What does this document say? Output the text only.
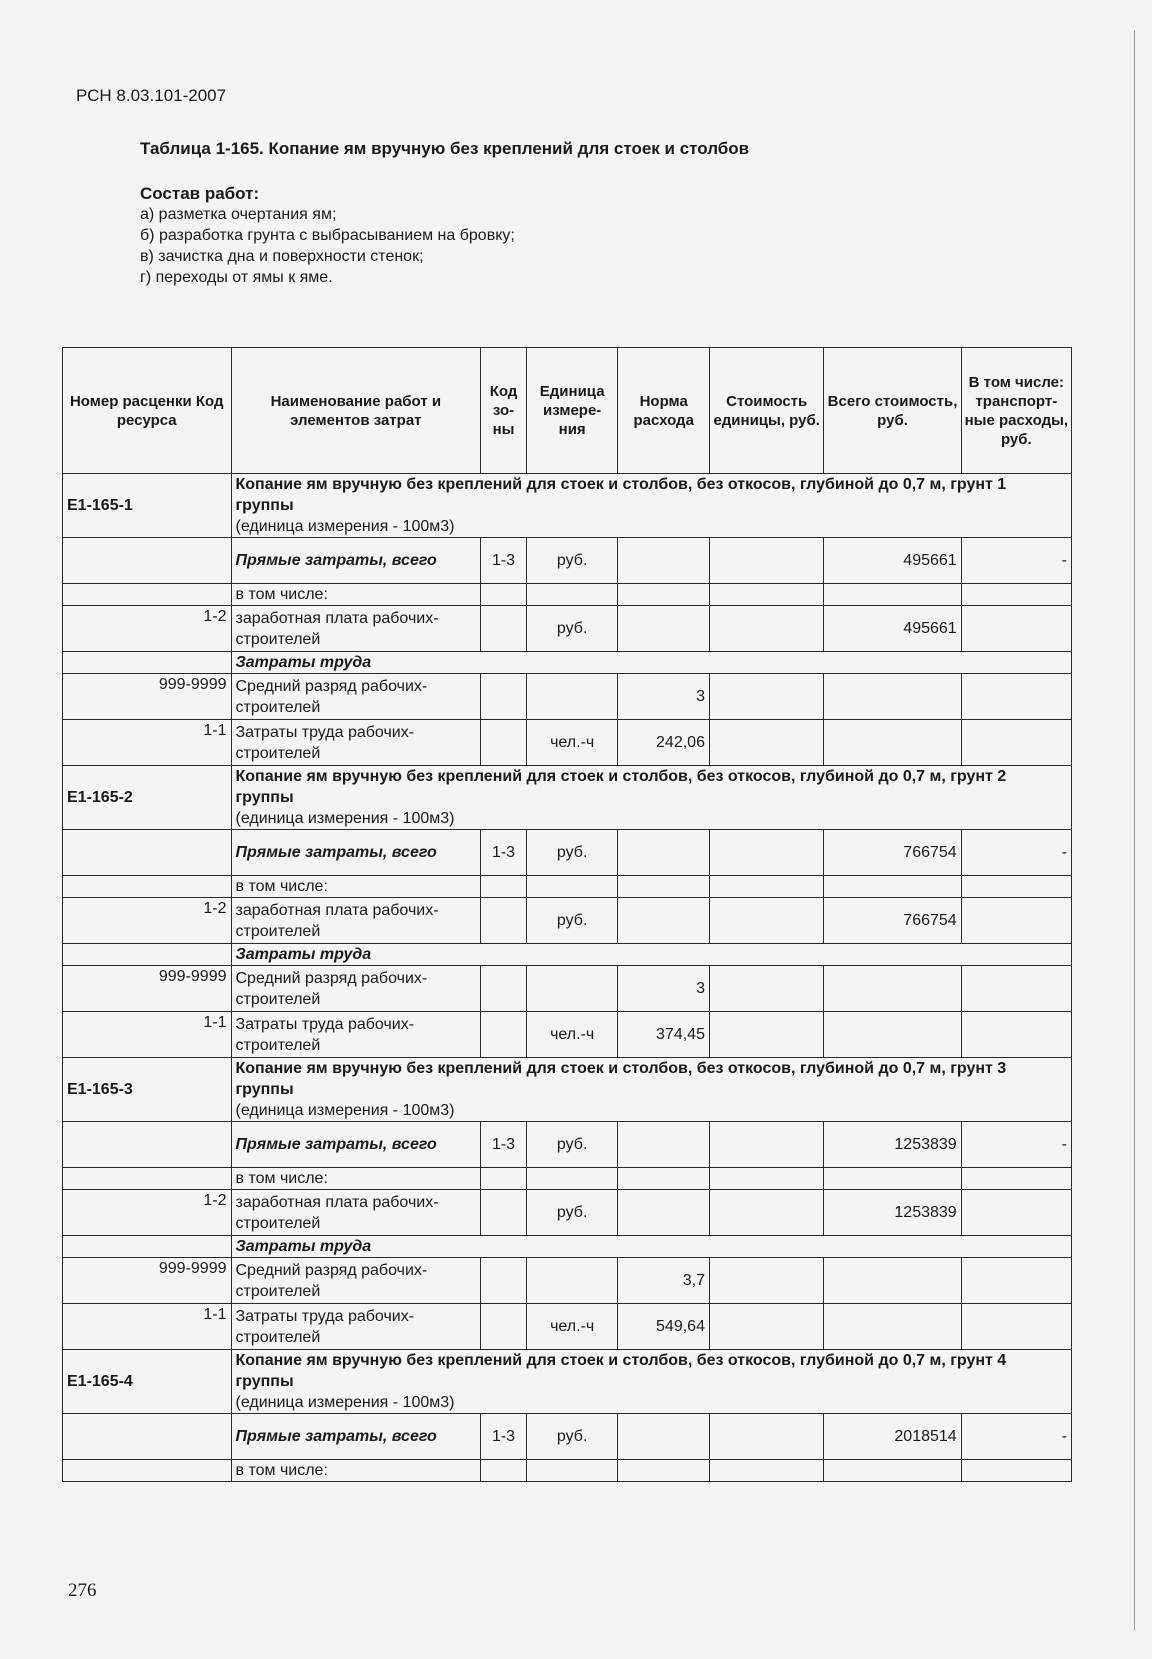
РСН 8.03.101-2007
Таблица 1-165. Копание ям вручную без креплений для стоек и столбов
Состав работ:
а) разметка очертания ям;
б) разработка грунта с выбрасыванием на бровку;
в) зачистка дна и поверхности стенок;
г) переходы от ямы к яме.
Номер расценки Код ресурса	Наименование работ и элементов затрат	Код зо- ны	Единица измере- ния	Норма расхода	Стоимость единицы, руб.	Всего стоимость, руб.	В том числе: транспорт- ные расходы, руб.
Е1-165-1	Копание ям вручную без креплений для стоек и столбов, без откосов, глубиной до 0,7 м, грунт 1 группы
(единица измерения - 100м3)						

	Прямые затраты, всего	1-3	руб.			495661	-
	в том числе:						
1-2	заработная плата рабочих-строителей		руб.			495661	
	Затраты труда						
999-9999	Средний разряд рабочих-строителей			3			
1-1	Затраты труда рабочих-строителей		чел.-ч	242,06			
Е1-165-2	Копание ям вручную без креплений для стоек и столбов, без откосов, глубиной до 0,7 м, грунт 2 группы
(единица измерения - 100м3)						

	Прямые затраты, всего	1-3	руб.			766754	-
	в том числе:						
1-2	заработная плата рабочих-строителей		руб.			766754	
	Затраты труда						
999-9999	Средний разряд рабочих-строителей			3			
1-1	Затраты труда рабочих-строителей		чел.-ч	374,45			
Е1-165-3	Копание ям вручную без креплений для стоек и столбов, без откосов, глубиной до 0,7 м, грунт 3 группы
(единица измерения - 100м3)						

	Прямые затраты, всего	1-3	руб.			1253839	-
	в том числе:						
1-2	заработная плата рабочих-строителей		руб.			1253839	
	Затраты труда						
999-9999	Средний разряд рабочих-строителей			3,7			
1-1	Затраты труда рабочих-строителей		чел.-ч	549,64			
Е1-165-4	Копание ям вручную без креплений для стоек и столбов, без откосов, глубиной до 0,7 м, грунт 4 группы
(единица измерения - 100м3)						

	Прямые затраты, всего	1-3	руб.			2018514	-
	в том числе:						
276
